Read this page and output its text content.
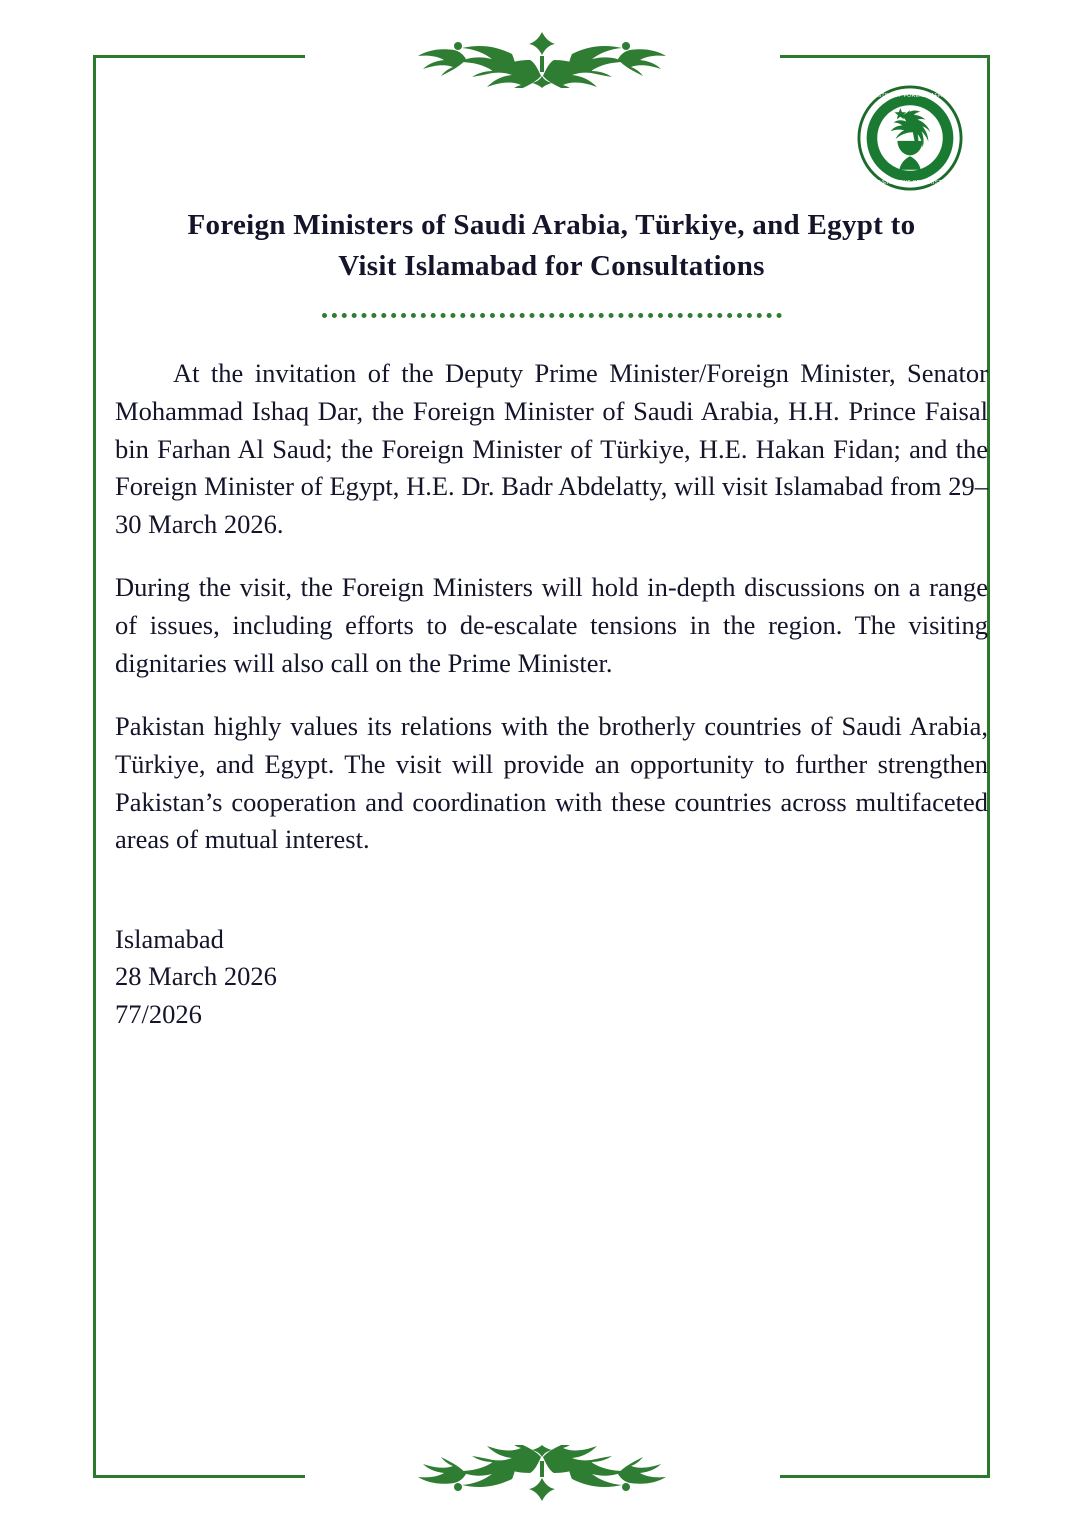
MINISTRY OF FOREIGN AFFAIRS
GOVERNMENT OF PAKISTAN
Foreign Ministers of Saudi Arabia, Türkiye, and Egypt to Visit Islamabad for Consultations

At the invitation of the Deputy Prime Minister/Foreign Minister, Senator Mohammad Ishaq Dar, the Foreign Minister of Saudi Arabia, H.H. Prince Faisal bin Farhan Al Saud; the Foreign Minister of Türkiye, H.E. Hakan Fidan; and the Foreign Minister of Egypt, H.E. Dr. Badr Abdelatty, will visit Islamabad from 29–30 March 2026.

During the visit, the Foreign Ministers will hold in-depth discussions on a range of issues, including efforts to de-escalate tensions in the region. The visiting dignitaries will also call on the Prime Minister.

Pakistan highly values its relations with the brotherly countries of Saudi Arabia, Türkiye, and Egypt. The visit will provide an opportunity to further strengthen Pakistan’s cooperation and coordination with these countries across multifaceted areas of mutual interest.

Islamabad
28 March 2026
77/2026
